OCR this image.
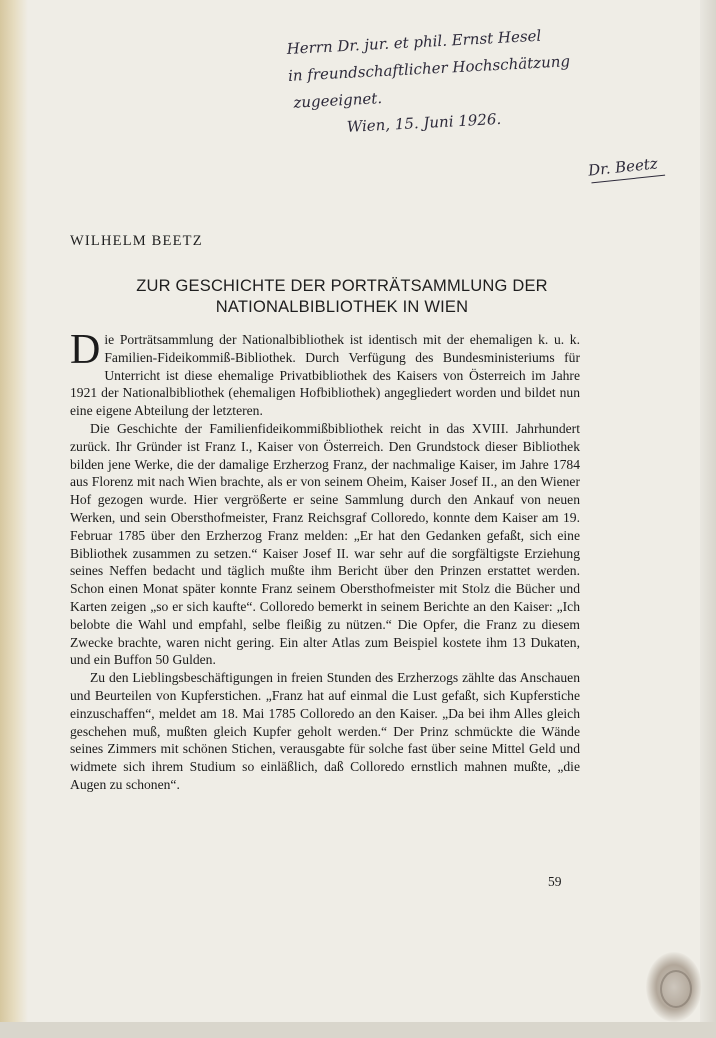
Herrn Dr. jur. et phil. Ernst Hesel
in freundschaftlicher Hochschätzung
zugeeignet.
Wien, 15. Juni 1926.
Dr. Beetz
WILHELM BEETZ
ZUR GESCHICHTE DER PORTRÄTSAMMLUNG DER
NATIONALBIBLIOTHEK IN WIEN

Die Porträtsammlung der Nationalbibliothek ist identisch mit der ehemaligen k. u. k. Familien-Fideikommiß-Bibliothek. Durch Verfügung des Bundesministeriums für Unterricht ist diese ehemalige Privatbibliothek des Kaisers von Österreich im Jahre 1921 der Nationalbibliothek (ehemaligen Hofbibliothek) angegliedert worden und bildet nun eine eigene Abteilung der letzteren.

Die Geschichte der Familienfideikommißbibliothek reicht in das XVIII. Jahrhundert zurück. Ihr Gründer ist Franz I., Kaiser von Österreich. Den Grundstock dieser Bibliothek bilden jene Werke, die der damalige Erzherzog Franz, der nachmalige Kaiser, im Jahre 1784 aus Florenz mit nach Wien brachte, als er von seinem Oheim, Kaiser Josef II., an den Wiener Hof gezogen wurde. Hier vergrößerte er seine Sammlung durch den Ankauf von neuen Werken, und sein Obersthofmeister, Franz Reichsgraf Colloredo, konnte dem Kaiser am 19. Februar 1785 über den Erzherzog Franz melden: „Er hat den Gedanken gefaßt, sich eine Bibliothek zusammen zu setzen.“ Kaiser Josef II. war sehr auf die sorgfältigste Erziehung seines Neffen bedacht und täglich mußte ihm Bericht über den Prinzen erstattet werden. Schon einen Monat später konnte Franz seinem Obersthofmeister mit Stolz die Bücher und Karten zeigen „so er sich kaufte“. Colloredo bemerkt in seinem Berichte an den Kaiser: „Ich belobte die Wahl und empfahl, selbe fleißig zu nützen.“ Die Opfer, die Franz zu diesem Zwecke brachte, waren nicht gering. Ein alter Atlas zum Beispiel kostete ihm 13 Dukaten, und ein Buffon 50 Gulden.

Zu den Lieblingsbeschäftigungen in freien Stunden des Erzherzogs zählte das Anschauen und Beurteilen von Kupferstichen. „Franz hat auf einmal die Lust gefaßt, sich Kupferstiche einzuschaffen“, meldet am 18. Mai 1785 Colloredo an den Kaiser. „Da bei ihm Alles gleich geschehen muß, mußten gleich Kupfer geholt werden.“ Der Prinz schmückte die Wände seines Zimmers mit schönen Stichen, verausgabte für solche fast über seine Mittel Geld und widmete sich ihrem Studium so einläßlich, daß Colloredo ernstlich mahnen mußte, „die Augen zu schonen“.

59
